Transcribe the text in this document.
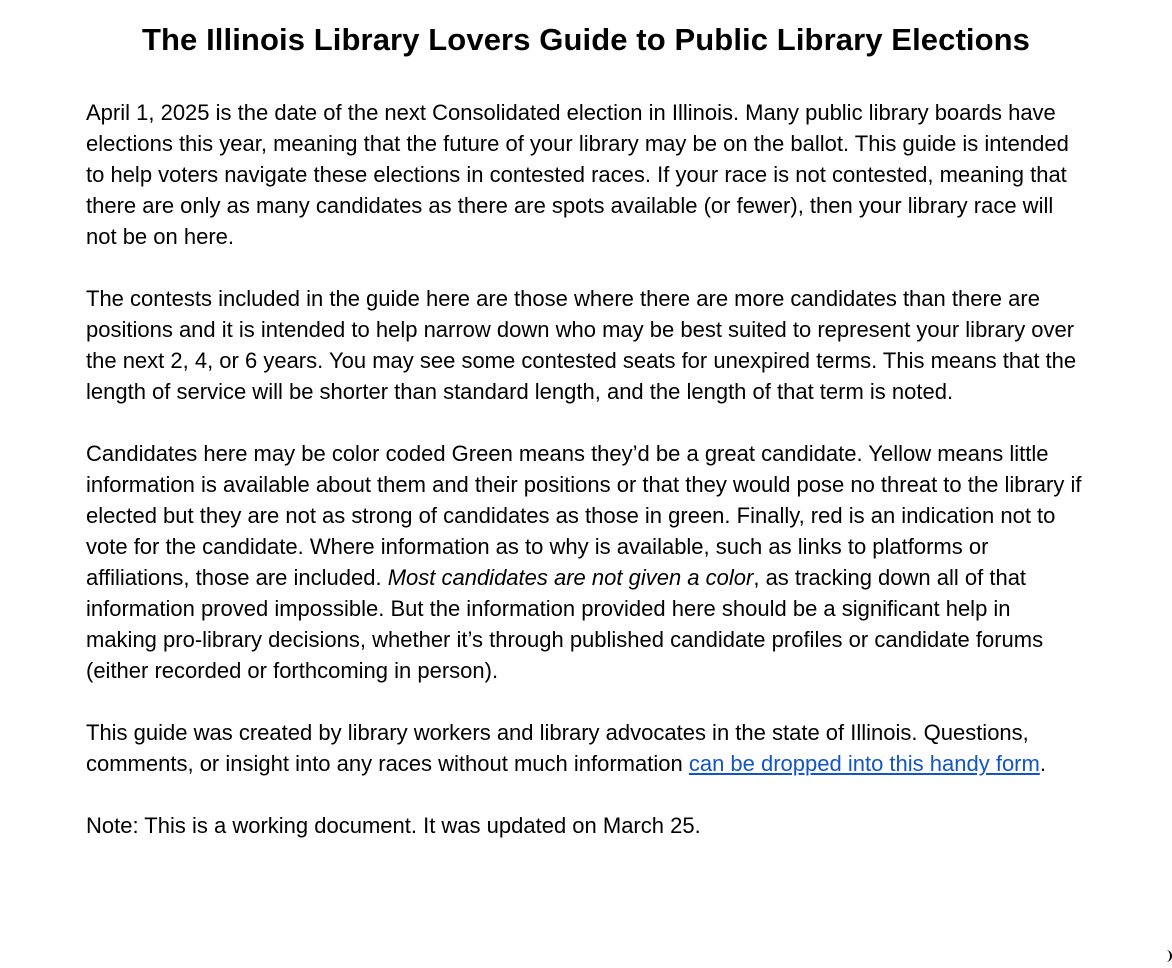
The Illinois Library Lovers Guide to Public Library Elections

April 1, 2025 is the date of the next Consolidated election in Illinois. Many public library boards have elections this year, meaning that the future of your library may be on the ballot. This guide is intended to help voters navigate these elections in contested races. If your race is not contested, meaning that there are only as many candidates as there are spots available (or fewer), then your library race will not be on here.

The contests included in the guide here are those where there are more candidates than there are positions and it is intended to help narrow down who may be best suited to represent your library over the next 2, 4, or 6 years. You may see some contested seats for unexpired terms. This means that the length of service will be shorter than standard length, and the length of that term is noted.

Candidates here may be color coded Green means they’d be a great candidate. Yellow means little information is available about them and their positions or that they would pose no threat to the library if elected but they are not as strong of candidates as those in green. Finally, red is an indication not to vote for the candidate. Where information as to why is available, such as links to platforms or affiliations, those are included. Most candidates are not given a color, as tracking down all of that information proved impossible. But the information provided here should be a significant help in making pro-library decisions, whether it’s through published candidate profiles or candidate forums (either recorded or forthcoming in person).

This guide was created by library workers and library advocates in the state of Illinois. Questions, comments, or insight into any races without much information can be dropped into this handy form.

Note: This is a working document. It was updated on March 25.
